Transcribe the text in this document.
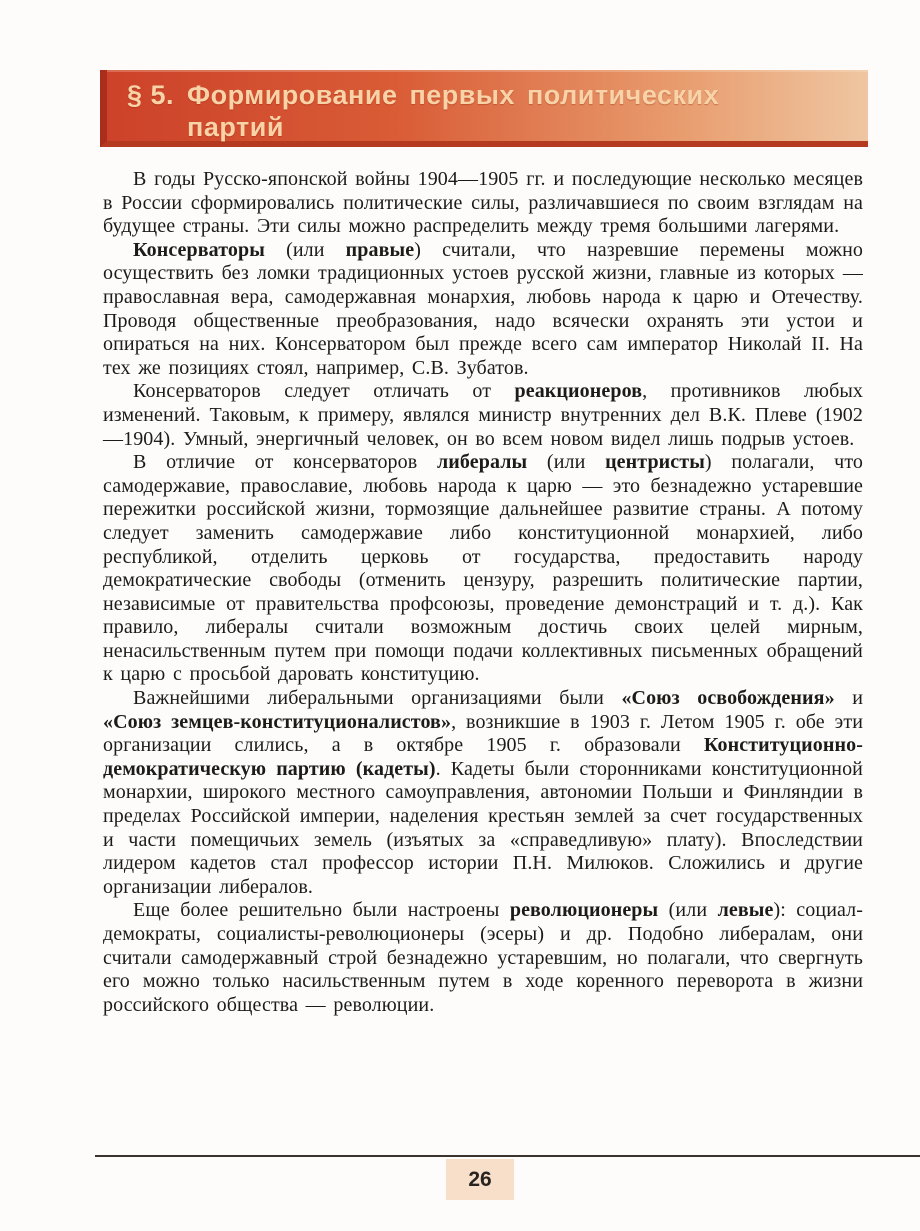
§ 5. Формирование первых политических партий

В годы Русско-японской войны 1904—1905 гг. и последующие несколько месяцев в России сформировались политические силы, различавшиеся по своим взглядам на будущее страны. Эти силы можно распределить между тремя большими лагерями.

Консерваторы (или правые) считали, что назревшие перемены можно осуществить без ломки традиционных устоев русской жизни, главные из которых — православная вера, самодержавная монархия, любовь народа к царю и Отечеству. Проводя общественные преобразования, надо всячески охранять эти устои и опираться на них. Консерватором был прежде всего сам император Николай II. На тех же позициях стоял, например, С.В. Зубатов.

Консерваторов следует отличать от реакционеров, противников любых изменений. Таковым, к примеру, являлся министр внутренних дел В.К. Плеве (1902—1904). Умный, энергичный человек, он во всем новом видел лишь подрыв устоев.

В отличие от консерваторов либералы (или центристы) полагали, что самодержавие, православие, любовь народа к царю — это безнадежно устаревшие пережитки российской жизни, тормозящие дальнейшее развитие страны. А потому следует заменить самодержавие либо конституционной монархией, либо республикой, отделить церковь от государства, предоставить народу демократические свободы (отменить цензуру, разрешить политические партии, независимые от правительства профсоюзы, проведение демонстраций и т. д.). Как правило, либералы считали возможным достичь своих целей мирным, ненасильственным путем при помощи подачи коллективных письменных обращений к царю с просьбой даровать конституцию.

Важнейшими либеральными организациями были «Союз освобождения» и «Союз земцев-конституционалистов», возникшие в 1903 г. Летом 1905 г. обе эти организации слились, а в октябре 1905 г. образовали Конституционно-демократическую партию (кадеты). Кадеты были сторонниками конституционной монархии, широкого местного самоуправления, автономии Польши и Финляндии в пределах Российской империи, наделения крестьян землей за счет государственных и части помещичьих земель (изъятых за «справедливую» плату). Впоследствии лидером кадетов стал профессор истории П.Н. Милюков. Сложились и другие организации либералов.

Еще более решительно были настроены революционеры (или левые): социал-демократы, социалисты-революционеры (эсеры) и др. Подобно либералам, они считали самодержавный строй безнадежно устаревшим, но полагали, что свергнуть его можно только насильственным путем в ходе коренного переворота в жизни российского общества — революции.

26
